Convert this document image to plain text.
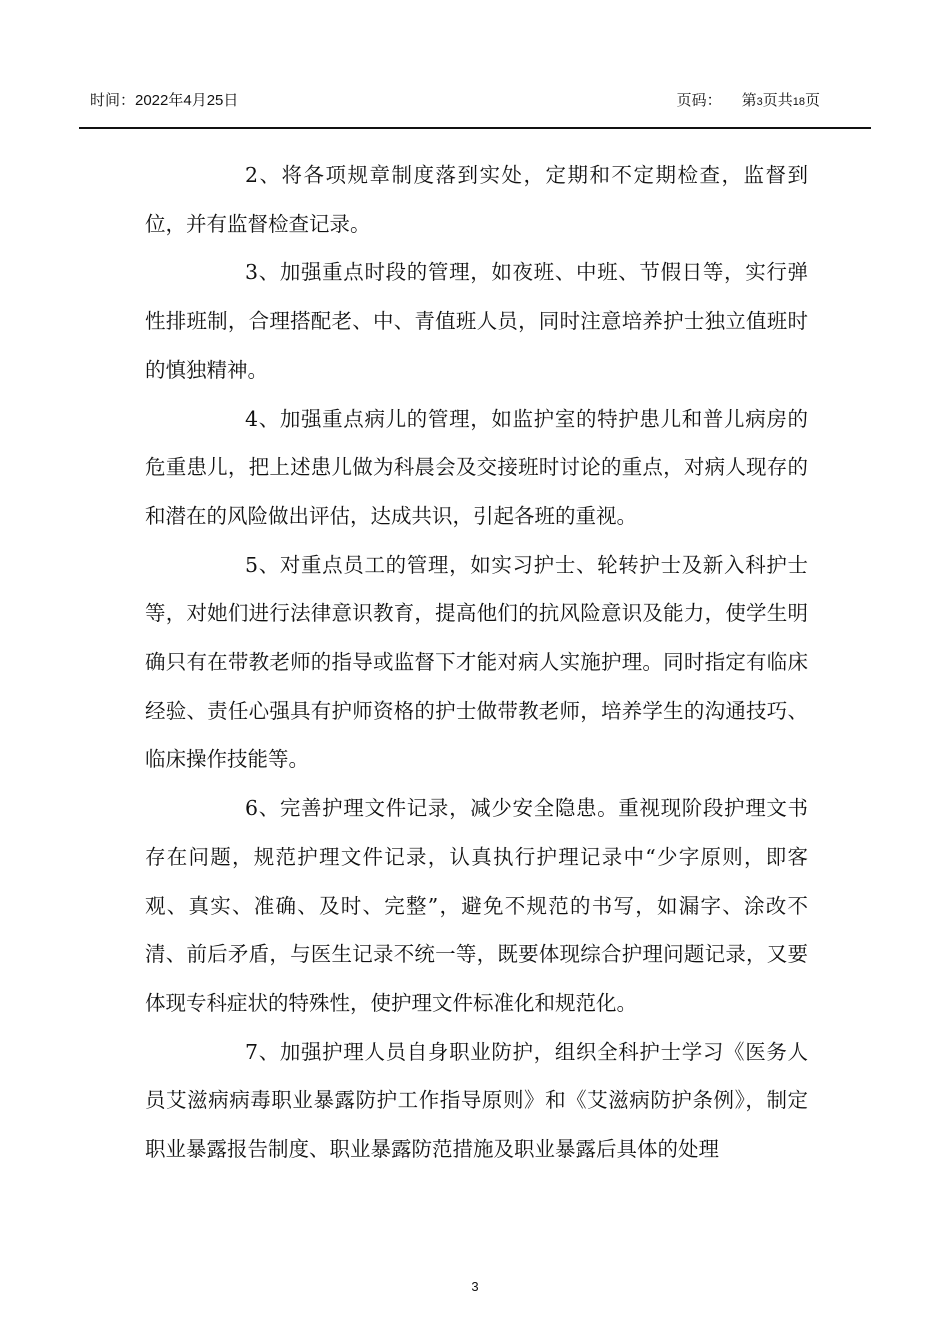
时间：2022年4月25日	页码： 第3页共18页

2、将各项规章制度落到实处，定期和不定期检查，监督到位，并有监督检查记录。

3、加强重点时段的管理，如夜班、中班、节假日等，实行弹性排班制，合理搭配老、中、青值班人员，同时注意培养护士独立值班时的慎独精神。

4、加强重点病儿的管理，如监护室的特护患儿和普儿病房的危重患儿，把上述患儿做为科晨会及交接班时讨论的重点，对病人现存的和潜在的风险做出评估，达成共识，引起各班的重视。

5、对重点员工的管理，如实习护士、轮转护士及新入科护士等，对她们进行法律意识教育，提高他们的抗风险意识及能力，使学生明确只有在带教老师的指导或监督下才能对病人实施护理。同时指定有临床经验、责任心强具有护师资格的护士做带教老师，培养学生的沟通技巧、临床操作技能等。

6、完善护理文件记录，减少安全隐患。重视现阶段护理文书存在问题，规范护理文件记录，认真执行护理记录中“少字原则，即客观、真实、准确、及时、完整”，避免不规范的书写，如漏字、涂改不清、前后矛盾，与医生记录不统一等，既要体现综合护理问题记录，又要体现专科症状的特殊性，使护理文件标准化和规范化。

7、加强护理人员自身职业防护，组织全科护士学习《医务人员艾滋病病毒职业暴露防护工作指导原则》和《艾滋病防护条例》，制定职业暴露报告制度、职业暴露防范措施及职业暴露后具体的处理

3
